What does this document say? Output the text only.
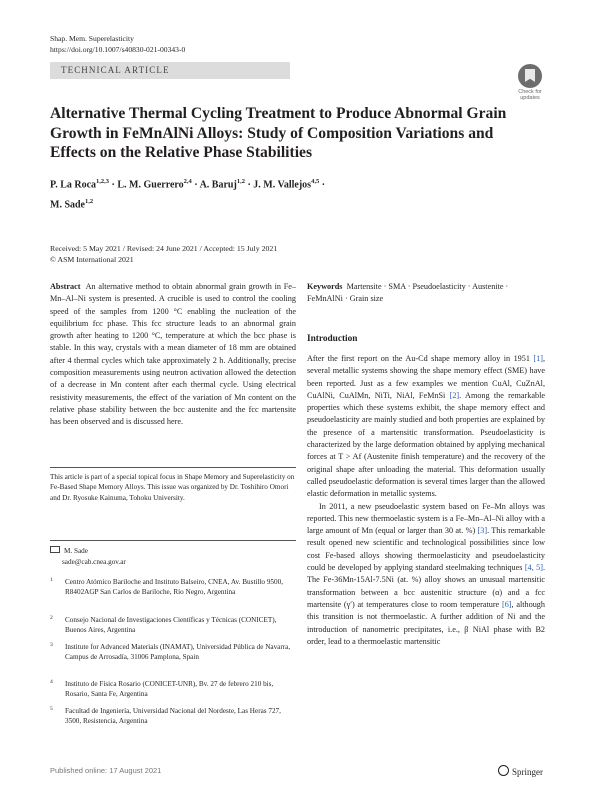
Shap. Mem. Superelasticity
https://doi.org/10.1007/s40830-021-00343-0
TECHNICAL ARTICLE
Check for
updates
Alternative Thermal Cycling Treatment to Produce Abnormal Grain Growth in FeMnAlNi Alloys: Study of Composition Variations and Effects on the Relative Phase Stabilities
P. La Roca$^{1,2,3}$ · L. M. Guerrero$^{2,4}$ · A. Baruj$^{1,2}$ · J. M. Vallejos$^{4,5}$ ·
M. Sade$^{1,2}$
Received: 5 May 2021 / Revised: 24 June 2021 / Accepted: 15 July 2021
© ASM International 2021
Abstract An alternative method to obtain abnormal grain growth in Fe–Mn–Al–Ni system is presented. A crucible is used to control the cooling speed of the samples from 1200 °C enabling the nucleation of the equilibrium fcc phase. This fcc structure leads to an abnormal grain growth after heating to 1200 °C, temperature at which the bcc phase is stable. In this way, crystals with a mean diameter of 18 mm are obtained after 4 thermal cycles which take approximately 2 h. Additionally, precise composition measurements using neutron activation allowed the detection of a decrease in Mn content after each thermal cycle. Using electrical resistivity measurements, the effect of the variation of Mn content on the relative phase stability between the bcc austenite and the fcc martensite has been observed and is discussed here.
This article is part of a special topical focus in Shape Memory and Superelasticity on Fe-Based Shape Memory Alloys. This issue was organized by Dr. Toshihiro Omori and Dr. Ryosuke Kainuma, Tohoku University.
M. Sade
sade@cab.cnea.gov.ar
1 Centro Atómico Bariloche and Instituto Balseiro, CNEA, Av. Bustillo 9500, R8402AGP San Carlos de Bariloche, Río Negro, Argentina
2 Consejo Nacional de Investigaciones Científicas y Técnicas (CONICET), Buenos Aires, Argentina
3 Institute for Advanced Materials (INAMAT), Universidad Pública de Navarra, Campus de Arrosadía, 31006 Pamplona, Spain
4 Instituto de Física Rosario (CONICET-UNR), Bv. 27 de febrero 210 bis, Rosario, Santa Fe, Argentina
5 Facultad de Ingeniería, Universidad Nacional del Nordeste, Las Heras 727, 3500, Resistencia, Argentina
Keywords Martensite · SMA · Pseudoelasticity · Austenite · FeMnAlNi · Grain size
Introduction

After the first report on the Au-Cd shape memory alloy in 1951 [1], several metallic systems showing the shape memory effect (SME) have been reported. Just as a few examples we mention CuAl, CuZnAl, CuAlNi, CuAlMn, NiTi, NiAl, FeMnSi [2]. Among the remarkable properties which these systems exhibit, the shape memory effect and pseudoelasticity are mainly studied and both properties are explained by the presence of a martensitic transformation. Pseudoelasticity is characterized by the large deformation obtained by applying mechanical forces at T > Af (Austenite finish temperature) and the recovery of the original shape after unloading the material. This deformation usually called pseudoelastic deformation is several times larger than the allowed elastic deformation in metallic systems.

In 2011, a new pseudoelastic system based on Fe–Mn alloys was reported. This new thermoelastic system is a Fe–Mn–Al–Ni alloy with a large amount of Mn (equal or larger than 30 at. %) [3]. This remarkable result opened new scientific and technological possibilities since low cost Fe-based alloys showing thermoelasticity and pseudoelasticity could be developed by applying standard steelmaking techniques [4, 5]. The Fe-36Mn-15Al-7.5Ni (at. %) alloy shows an unusual martensitic transformation between a bcc austenitic structure (α) and a fcc martensite (γ′) at temperatures close to room temperature [6], although this transition is not thermoelastic. A further addition of Ni and the introduction of nanometric precipitates, i.e., β NiAl phase with B2 order, lead to a thermoelastic martensitic

Published online: 17 August 2021	Springer
